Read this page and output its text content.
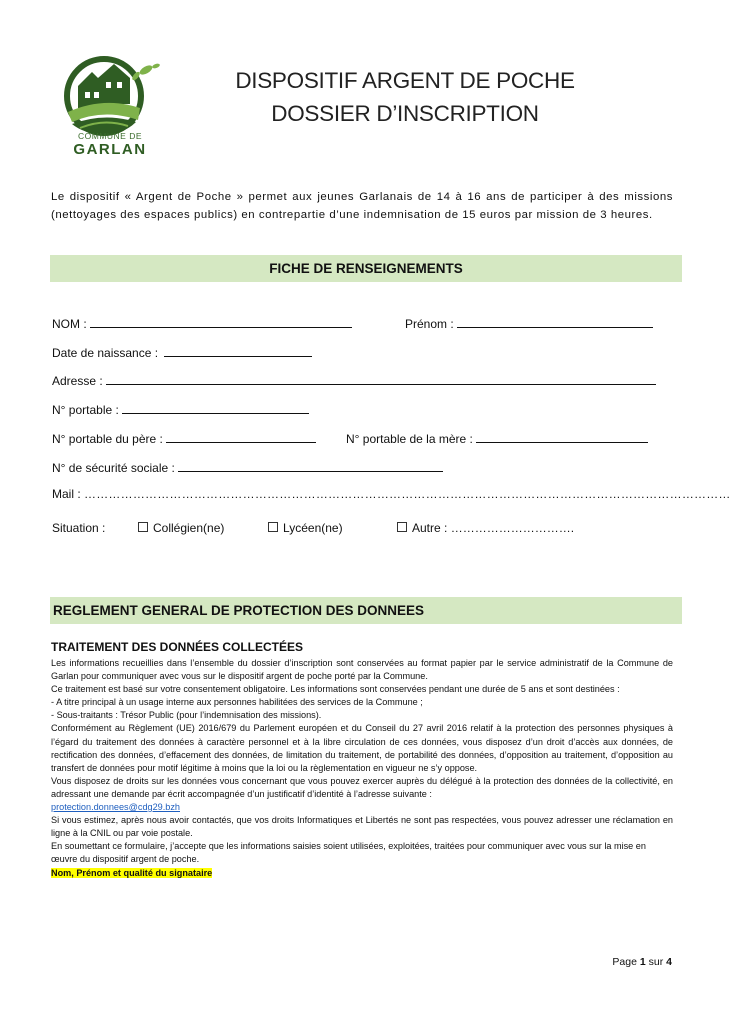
COMMUNE DE
GARLAN
DISPOSITIF ARGENT DE POCHE
DOSSIER D’INSCRIPTION
Le dispositif « Argent de Poche » permet aux jeunes Garlanais de 14 à 16 ans de participer à des missions (nettoyages des espaces publics) en contrepartie d’une indemnisation de 15 euros par mission de 3 heures.
FICHE DE RENSEIGNEMENTS
NOM :	Prénom :
Date de naissance :
Adresse :
N° portable :
N° portable du père :	N° portable de la mère :
N° de sécurité sociale :
Mail : ……………………………………………………………………………………………………………………………………………
Situation :	Collégien(ne)	Lycéen(ne)	Autre : ………………………….
REGLEMENT GENERAL DE PROTECTION DES DONNEES
TRAITEMENT DES DONNÉES COLLECTÉES

Les informations recueillies dans l’ensemble du dossier d’inscription sont conservées au format papier par le service administratif de la Commune de Garlan pour communiquer avec vous sur le dispositif argent de poche porté par la Commune.

Ce traitement est basé sur votre consentement obligatoire. Les informations sont conservées pendant une durée de 5 ans et sont destinées :

- A titre principal à un usage interne aux personnes habilitées des services de la Commune ;

- Sous-traitants : Trésor Public (pour l’indemnisation des missions).

Conformément au Règlement (UE) 2016/679 du Parlement européen et du Conseil du 27 avril 2016 relatif à la protection des personnes physiques à l’égard du traitement des données à caractère personnel et à la libre circulation de ces données, vous disposez d’un droit d’accès aux données, de rectification des données, d’effacement des données, de limitation du traitement, de portabilité des données, d’opposition au traitement, d’opposition au transfert de données pour motif légitime à moins que la loi ou la règlementation en vigueur ne s’y oppose.

Vous disposez de droits sur les données vous concernant que vous pouvez exercer auprès du délégué à la protection des données de la collectivité, en adressant une demande par écrit accompagnée d’un justificatif d’identité à l’adresse suivante :

protection.donnees@cdg29.bzh

Si vous estimez, après nous avoir contactés, que vos droits Informatiques et Libertés ne sont pas respectées, vous pouvez adresser une réclamation en ligne à la CNIL ou par voie postale.

En soumettant ce formulaire, j’accepte que les informations saisies soient utilisées, exploitées, traitées pour communiquer avec vous sur la mise en œuvre du dispositif argent de poche.

Nom, Prénom et qualité du signataire

Page 1 sur 4
